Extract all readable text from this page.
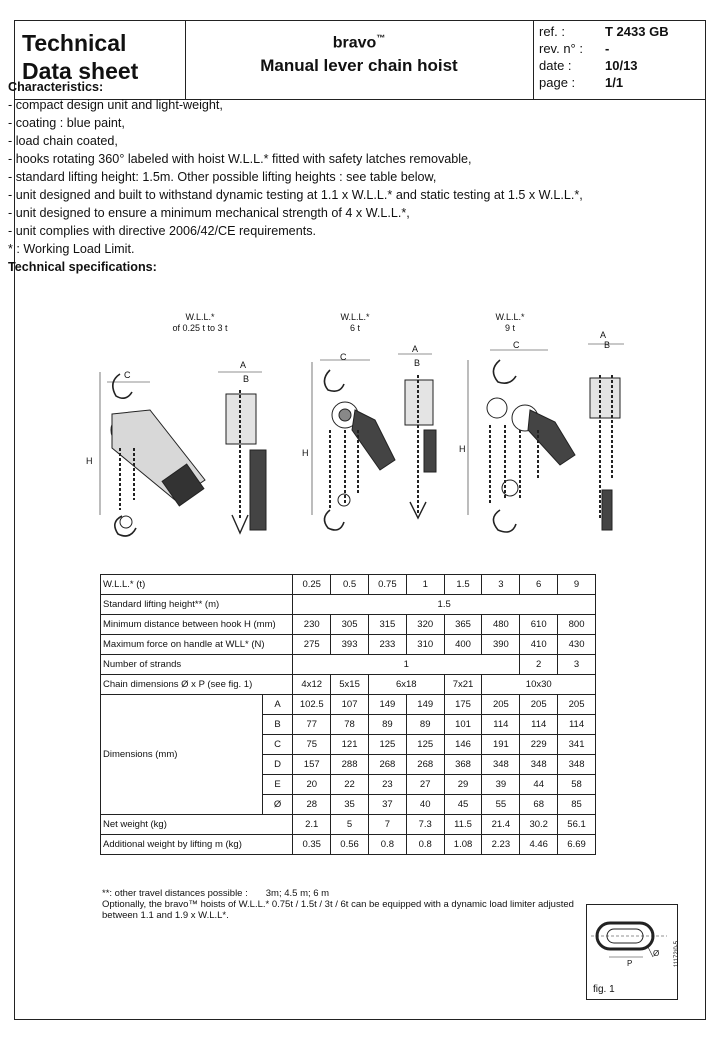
Technical
Data sheet
bravo™
Manual lever chain hoist
ref. :	T 2433 GB
rev. n° : -
date :	10/13
page : 1/1
Characteristics:
- compact design unit and light-weight,
- coating : blue paint,
- load chain coated,
- hooks rotating 360° labeled with hoist W.L.L.* fitted with safety latches removable,
- standard lifting height: 1.5m. Other possible lifting heights : see table below,
- unit designed and built to withstand dynamic testing at 1.1 x W.L.L.* and static testing at 1.5 x W.L.L.*,
- unit designed to ensure a minimum mechanical strength of 4 x W.L.L.*,
- unit complies with directive 2006/42/CE requirements.
* : Working Load Limit.
Technical specifications:
W.L.L.*
of 0.25 t to 3 t
W.L.L.*
6 t
W.L.L.*
9 t
C
H
A
B
C
H
A
B
C
H
A
B
W.L.L.* (t)		0.25	0.5	0.75	1	1.5	3	6	9
Standard lifting height** (m)		1.5							
Minimum distance between hook H (mm)		230	305	315	320	365	480	610	800
Maximum force on handle at WLL* (N)		275	393	233	310	400	390	410	430
Number of strands		1						2	3
Chain dimensions Ø x P (see fig. 1)		4x12	5x15	6x18		7x21	10x30		
Dimensions (mm)	A	102.5	107	149	149	175	205	205	205
	B	77	78	89	89	101	114	114	114
	C	75	121	125	125	146	191	229	341
	D	157	288	268	268	368	348	348	348
	E	20	22	23	27	29	39	44	58
	Ø	28	35	37	40	45	55	68	85
Net weight (kg)		2.1	5	7	7.3	11.5	21.4	30.2	56.1
Additional weight by lifting m (kg)		0.35	0.56	0.8	0.8	1.08	2.23	4.46	6.69
**: other travel distances possible : 3m; 4.5 m; 6 m
Optionally, the bravo™ hoists of W.L.L.* 0.75t / 1.5t / 3t / 6t can be equipped with a dynamic load limiter adjusted
between 1.1 and 1.9 x W.L.L*.
P
Ø 11172/0-5
fig. 1
